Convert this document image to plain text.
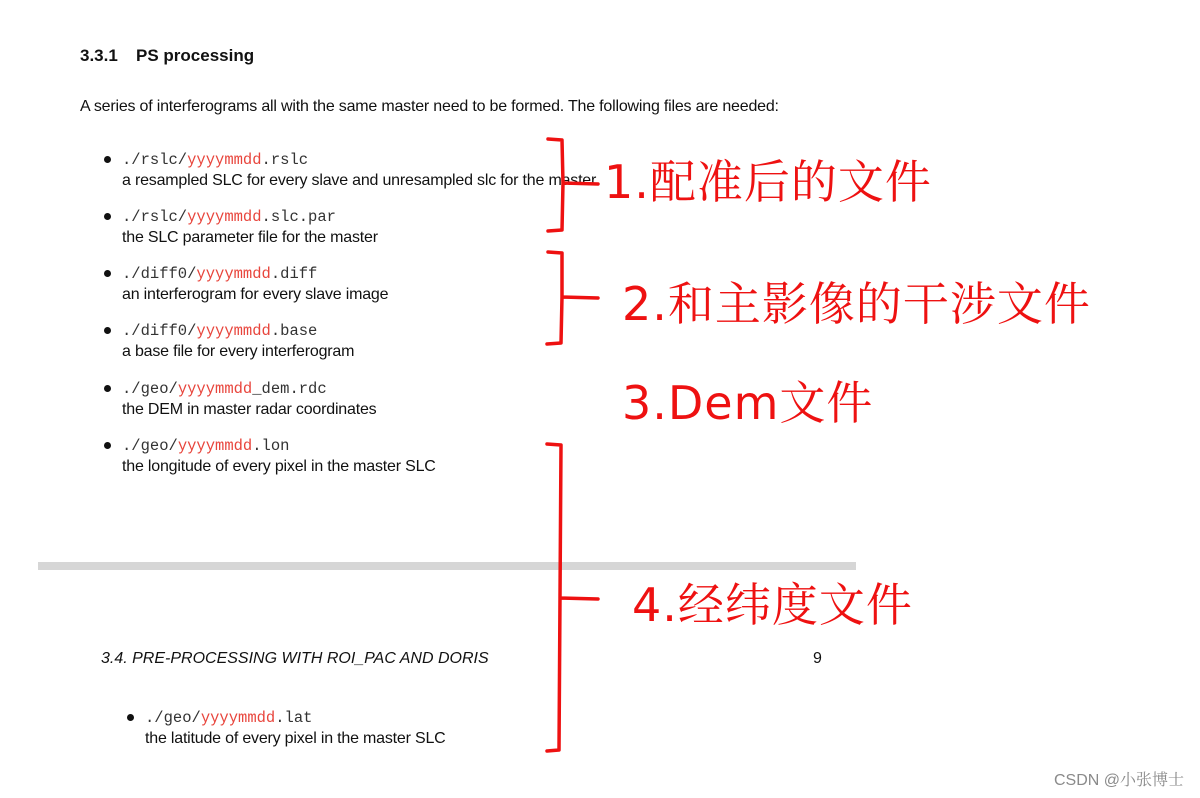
3.3.1 PS processing
A series of interferograms all with the same master need to be formed. The following files are needed:
./rslc/yyyymmdd.rslc
a resampled SLC for every slave and unresampled slc for the master
./rslc/yyyymmdd.slc.par
the SLC parameter file for the master
./diff0/yyyymmdd.diff
an interferogram for every slave image
./diff0/yyyymmdd.base
a base file for every interferogram
./geo/yyyymmdd_dem.rdc
the DEM in master radar coordinates
./geo/yyyymmdd.lon
the longitude of every pixel in the master SLC
3.4. PRE-PROCESSING WITH ROI_PAC AND DORIS	9
./geo/yyyymmdd.lat
the latitude of every pixel in the master SLC
1.配准后的文件
2.和主影像的干涉文件
3.Dem文件
4.经纬度文件
CSDN @小张博士
